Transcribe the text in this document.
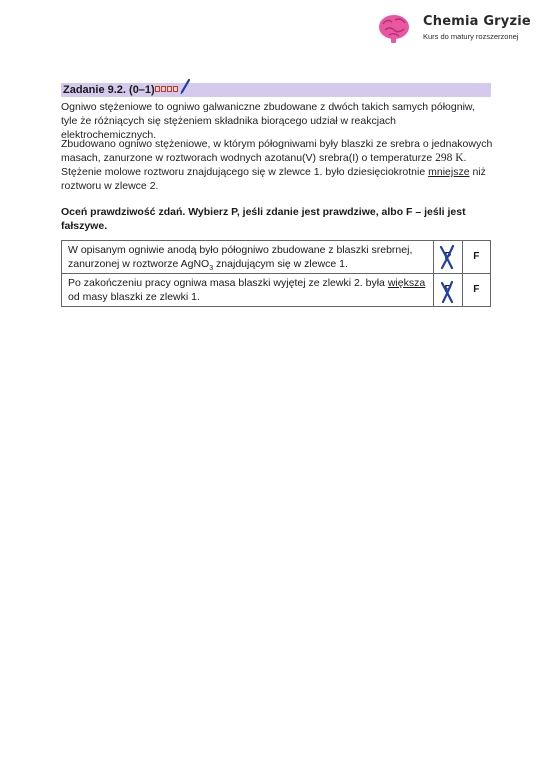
Chemia Gryzie
Kurs do matury rozszerzonej
Zadanie 9.2. (0–1)

Ogniwo stężeniowe to ogniwo galwaniczne zbudowane z dwóch takich samych półogniw, tyle że różniących się stężeniem składnika biorącego udział w reakcjach elektrochemicznych.

Zbudowano ogniwo stężeniowe, w którym półogniwami były blaszki ze srebra o jednakowych masach, zanurzone w roztworach wodnych azotanu(V) srebra(I) o temperaturze 298 K. Stężenie molowe roztworu znajdującego się w zlewce 1. było dziesięciokrotnie mniejsze niż roztworu w zlewce 2.

Oceń prawdziwość zdań. Wybierz P, jeśli zdanie jest prawdziwe, albo F – jeśli jest fałszywe.
W opisanym ogniwie anodą było półogniwo zbudowane z blaszki srebrnej, zanurzonej w roztworze AgNO$_3$ znajdującym się w zlewce 1.	P	F
Po zakończeniu pracy ogniwa masa blaszki wyjętej ze zlewki 2. była większa od masy blaszki ze zlewki 1.	P	F
